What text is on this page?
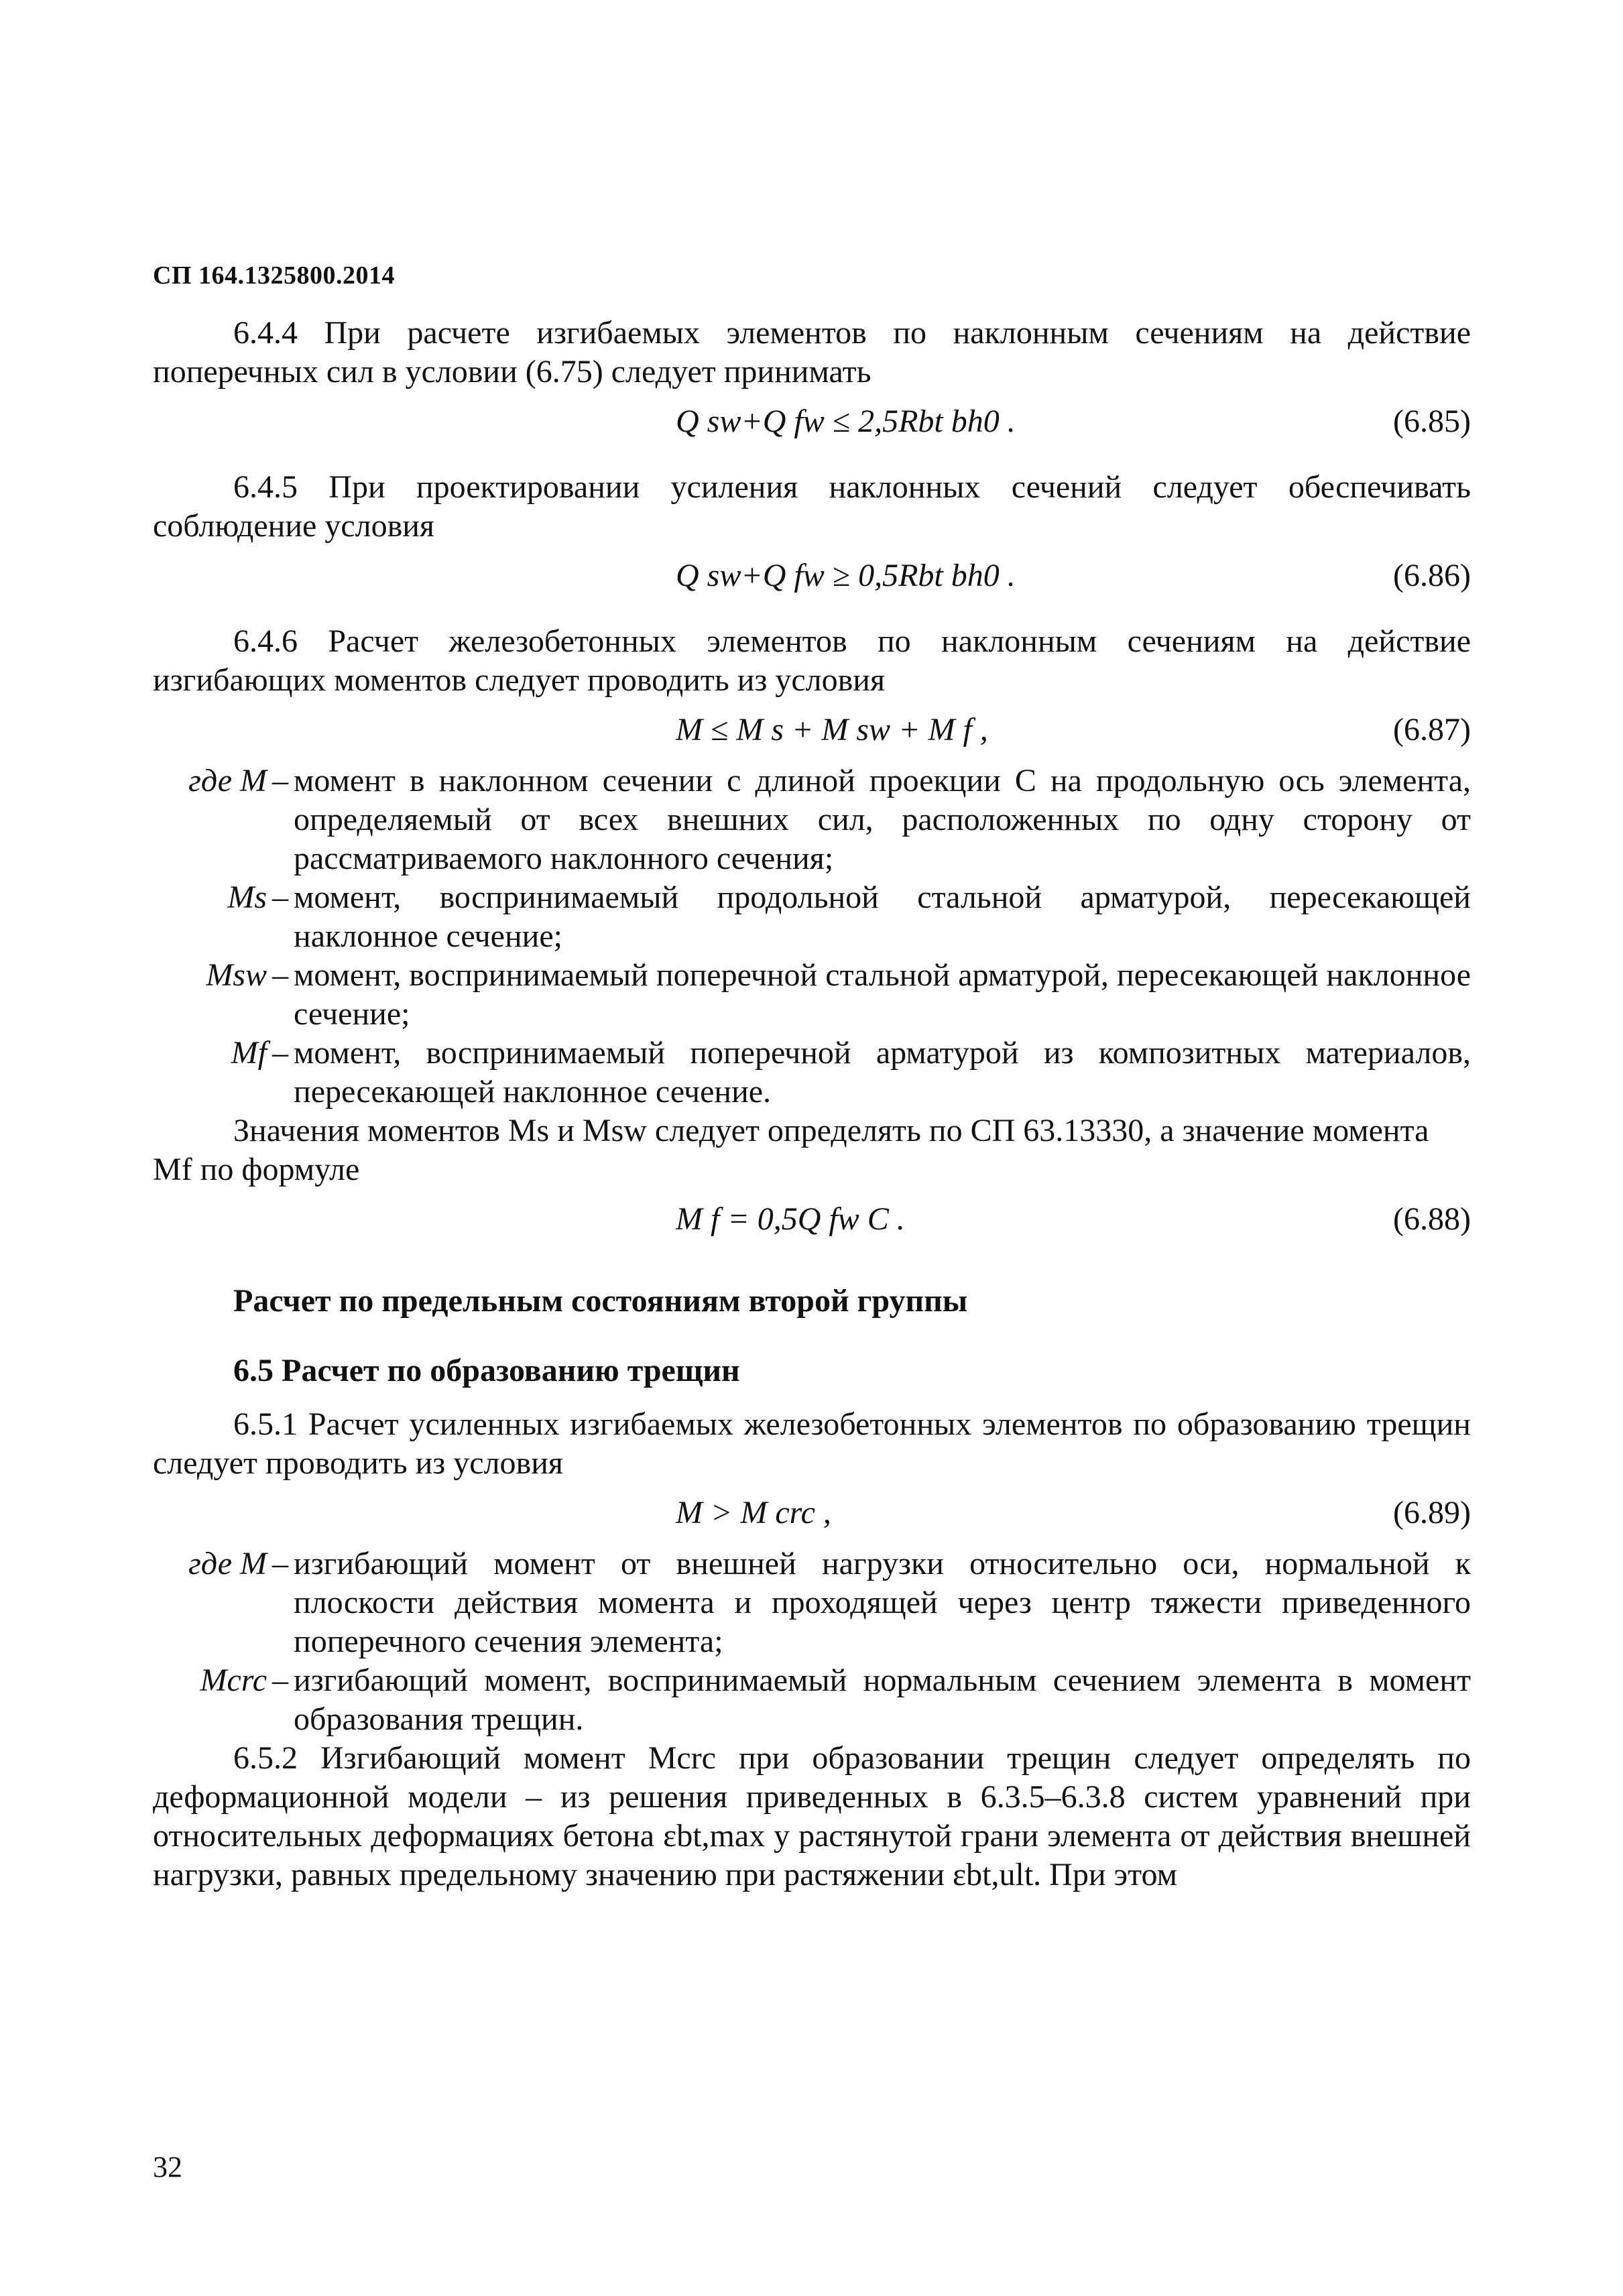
СП 164.1325800.2014

6.4.4 При расчете изгибаемых элементов по наклонным сечениям на действие поперечных сил в условии (6.75) следует принимать

Q sw+Q fw ≤ 2,5Rbt bh0 .	(6.85)

6.4.5 При проектировании усиления наклонных сечений следует обеспечивать соблюдение условия

Q sw+Q fw ≥ 0,5Rbt bh0 .	(6.86)

6.4.6 Расчет железобетонных элементов по наклонным сечениям на действие изгибающих моментов следует проводить из условия

M ≤ M s + M sw + M f ,	(6.87)
где M – момент в наклонном сечении с длиной проекции C на продольную ось элемента, определяемый от всех внешних сил, расположенных по одну сторону от рассматриваемого наклонного сечения;
Ms – момент, воспринимаемый продольной стальной арматурой, пересекающей наклонное сечение;
Msw – момент, воспринимаемый поперечной стальной арматурой, пересекающей наклонное сечение;
Mf – момент, воспринимаемый поперечной арматурой из композитных материалов, пересекающей наклонное сечение.

Значения моментов Ms и Msw следует определять по СП 63.13330, а значение момента

Mf по формуле

M f = 0,5Q fw C .	(6.88)

Расчет по предельным состояниям второй группы

6.5 Расчет по образованию трещин

6.5.1 Расчет усиленных изгибаемых железобетонных элементов по образованию трещин следует проводить из условия

M > M crc ,	(6.89)
где M – изгибающий момент от внешней нагрузки относительно оси, нормальной к плоскости действия момента и проходящей через центр тяжести приведенного поперечного сечения элемента;
Mcrc – изгибающий момент, воспринимаемый нормальным сечением элемента в момент образования трещин.

6.5.2 Изгибающий момент Mcrc при образовании трещин следует определять по деформационной модели – из решения приведенных в 6.3.5–6.3.8 систем уравнений при относительных деформациях бетона εbt,max у растянутой грани элемента от действия внешней нагрузки, равных предельному значению при растяжении εbt,ult. При этом

32
